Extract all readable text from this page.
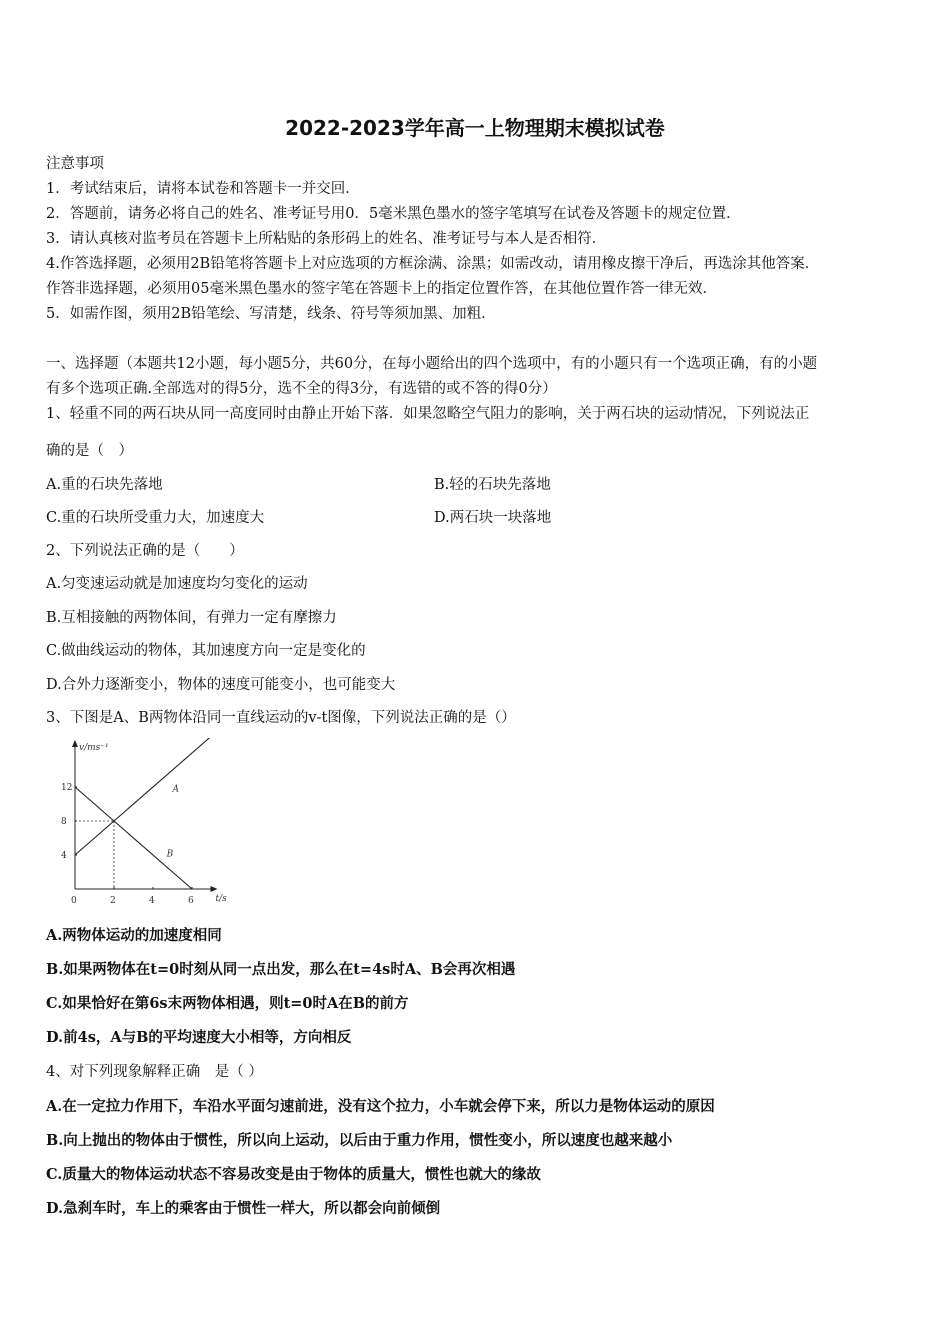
2022-2023学年高一上物理期末模拟试卷
注意事项
1．考试结束后，请将本试卷和答题卡一并交回．
2．答题前，请务必将自己的姓名、准考证号用0．5毫米黑色墨水的签字笔填写在试卷及答题卡的规定位置．
3．请认真核对监考员在答题卡上所粘贴的条形码上的姓名、准考证号与本人是否相符．
4.作答选择题，必须用2B铅笔将答题卡上对应选项的方框涂满、涂黑；如需改动，请用橡皮擦干净后，再选涂其他答案．
作答非选择题，必须用05毫米黑色墨水的签字笔在答题卡上的指定位置作答，在其他位置作答一律无效．
5．如需作图，须用2B铅笔绘、写清楚，线条、符号等须加黑、加粗．
一、选择题（本题共12小题，每小题5分，共60分，在每小题给出的四个选项中，有的小题只有一个选项正确，有的小题
有多个选项正确.全部选对的得5分，选不全的得3分，有选错的或不答的得0分）
1、轻重不同的两石块从同一高度同时由静止开始下落．如果忽略空气阻力的影响，关于两石块的运动情况，下列说法正
确的是（　）
A.重的石块先落地	B.轻的石块先落地
C.重的石块所受重力大，加速度大	D.两石块一块落地
2、下列说法正确的是（　　）
A.匀变速运动就是加速度均匀变化的运动
B.互相接触的两物体间，有弹力一定有摩擦力
C.做曲线运动的物体，其加速度方向一定是变化的
D.合外力逐渐变小，物体的速度可能变小，也可能变大
3、下图是A、B两物体沿同一直线运动的v-t图像，下列说法正确的是（）
v/ms⁻¹
t/s
0	2	4	6
4
8
12	A
B
A.两物体运动的加速度相同
B.如果两物体在t=0时刻从同一点出发，那么在t=4s时A、B会再次相遇
C.如果恰好在第6s末两物体相遇，则t=0时A在B的前方
D.前4s，A与B的平均速度大小相等，方向相反
4、对下列现象解释正确　是（ ）
A.在一定拉力作用下，车沿水平面匀速前进，没有这个拉力，小车就会停下来，所以力是物体运动的原因
B.向上抛出的物体由于惯性，所以向上运动，以后由于重力作用，惯性变小，所以速度也越来越小
C.质量大的物体运动状态不容易改变是由于物体的质量大，惯性也就大的缘故
D.急刹车时，车上的乘客由于惯性一样大，所以都会向前倾倒
